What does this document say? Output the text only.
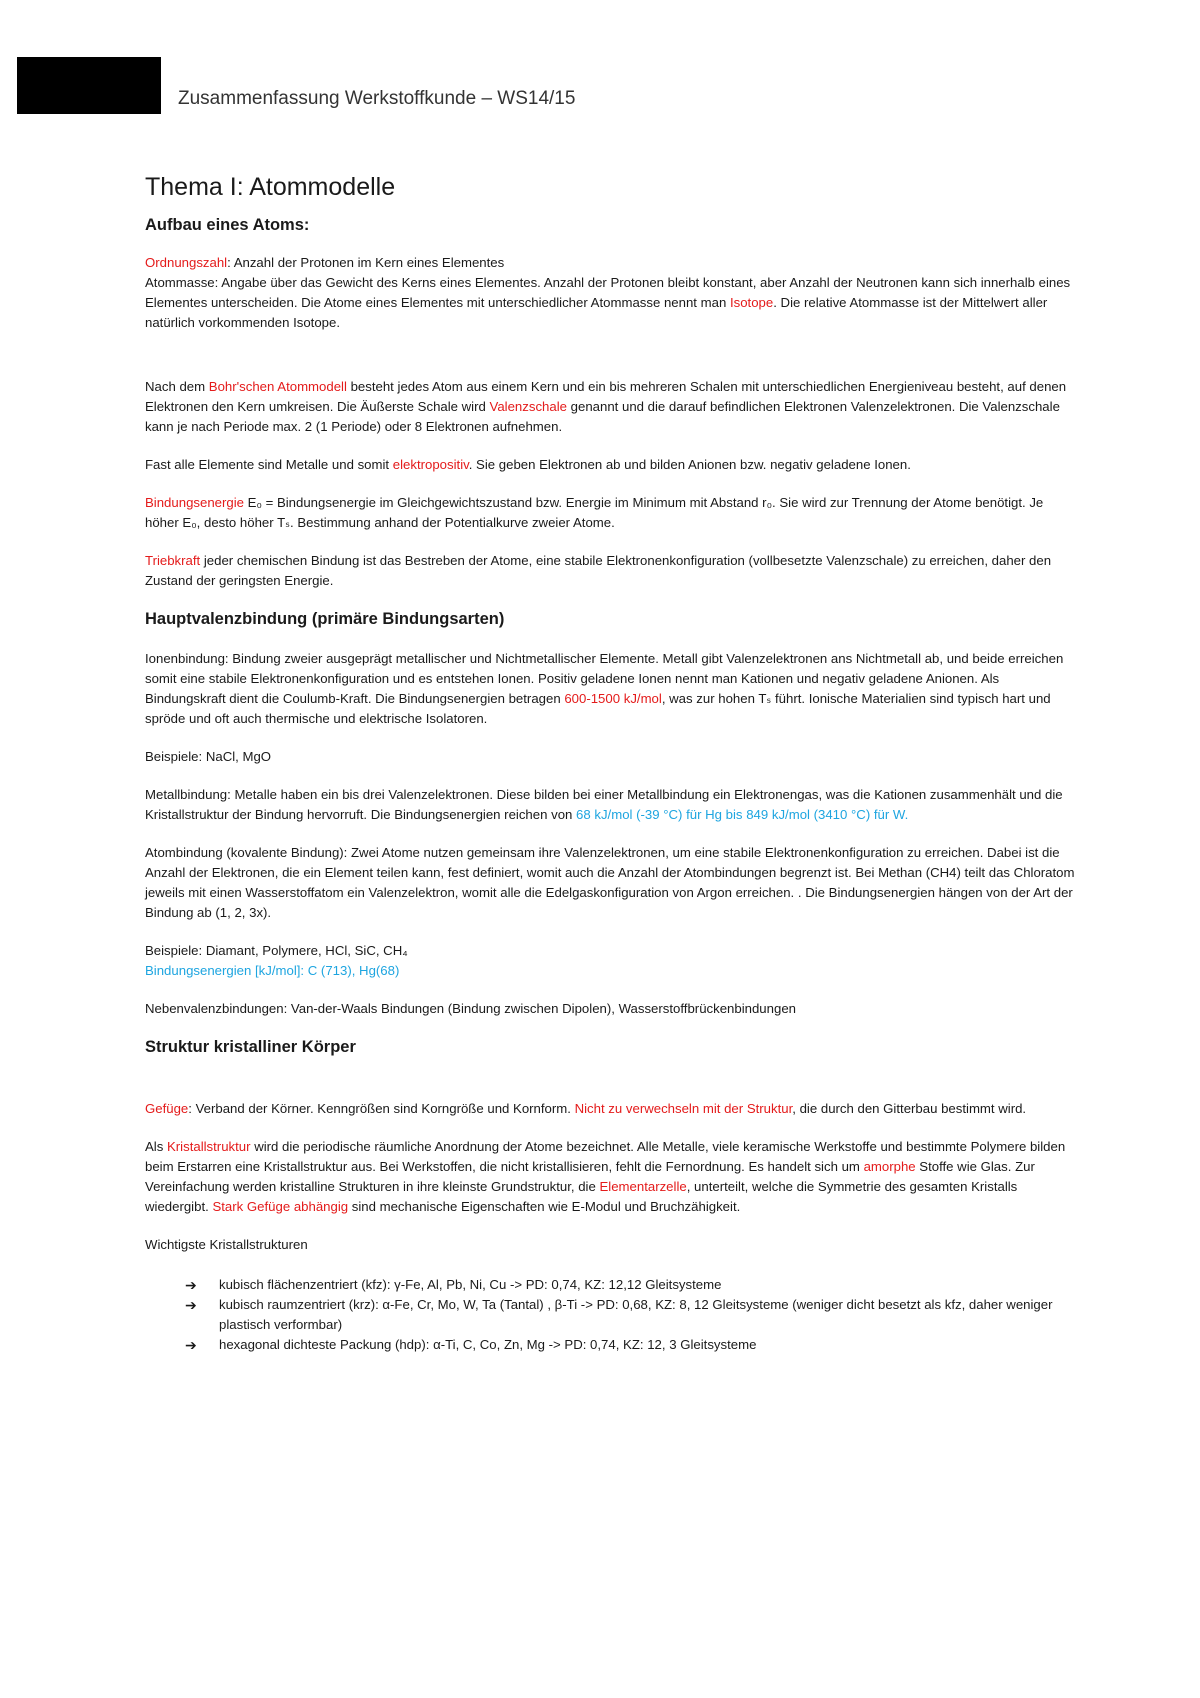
Zusammenfassung Werkstoffkunde – WS14/15
Thema I: Atommodelle
Aufbau eines Atoms:

Ordnungszahl: Anzahl der Protonen im Kern eines Elementes

Atommasse: Angabe über das Gewicht des Kerns eines Elementes. Anzahl der Protonen bleibt konstant, aber Anzahl der Neutronen kann sich innerhalb eines Elementes unterscheiden. Die Atome eines Elementes mit unterschiedlicher Atommasse nennt man Isotope. Die relative Atommasse ist der Mittelwert aller natürlich vorkommenden Isotope.

Nach dem Bohr'schen Atommodell besteht jedes Atom aus einem Kern und ein bis mehreren Schalen mit unterschiedlichen Energieniveau besteht, auf denen Elektronen den Kern umkreisen. Die Äußerste Schale wird Valenzschale genannt und die darauf befindlichen Elektronen Valenzelektronen. Die Valenzschale kann je nach Periode max. 2 (1 Periode) oder 8 Elektronen aufnehmen.

Fast alle Elemente sind Metalle und somit elektropositiv. Sie geben Elektronen ab und bilden Anionen bzw. negativ geladene Ionen.

Bindungsenergie E₀ = Bindungsenergie im Gleichgewichtszustand bzw. Energie im Minimum mit Abstand r₀. Sie wird zur Trennung der Atome benötigt. Je höher E₀, desto höher Tₛ. Bestimmung anhand der Potentialkurve zweier Atome.

Triebkraft jeder chemischen Bindung ist das Bestreben der Atome, eine stabile Elektronenkonfiguration (vollbesetzte Valenzschale) zu erreichen, daher den Zustand der geringsten Energie.

Hauptvalenzbindung (primäre Bindungsarten)

Ionenbindung: Bindung zweier ausgeprägt metallischer und Nichtmetallischer Elemente. Metall gibt Valenzelektronen ans Nichtmetall ab, und beide erreichen somit eine stabile Elektronenkonfiguration und es entstehen Ionen. Positiv geladene Ionen nennt man Kationen und negativ geladene Anionen. Als Bindungskraft dient die Coulumb-Kraft. Die Bindungsenergien betragen 600-1500 kJ/mol, was zur hohen Tₛ führt. Ionische Materialien sind typisch hart und spröde und oft auch thermische und elektrische Isolatoren.

Beispiele: NaCl, MgO

Metallbindung: Metalle haben ein bis drei Valenzelektronen. Diese bilden bei einer Metallbindung ein Elektronengas, was die Kationen zusammenhält und die Kristallstruktur der Bindung hervorruft. Die Bindungsenergien reichen von 68 kJ/mol (-39 °C) für Hg bis 849 kJ/mol (3410 °C) für W.

Atombindung (kovalente Bindung): Zwei Atome nutzen gemeinsam ihre Valenzelektronen, um eine stabile Elektronenkonfiguration zu erreichen. Dabei ist die Anzahl der Elektronen, die ein Element teilen kann, fest definiert, womit auch die Anzahl der Atombindungen begrenzt ist. Bei Methan (CH4) teilt das Chloratom jeweils mit einen Wasserstoffatom ein Valenzelektron, womit alle die Edelgaskonfiguration von Argon erreichen. . Die Bindungsenergien hängen von der Art der Bindung ab (1, 2, 3x).

Beispiele: Diamant, Polymere, HCl, SiC, CH₄

Bindungsenergien [kJ/mol]: C (713), Hg(68)

Nebenvalenzbindungen: Van-der-Waals Bindungen (Bindung zwischen Dipolen), Wasserstoffbrückenbindungen

Struktur kristalliner Körper

Gefüge: Verband der Körner. Kenngrößen sind Korngröße und Kornform. Nicht zu verwechseln mit der Struktur, die durch den Gitterbau bestimmt wird.

Als Kristallstruktur wird die periodische räumliche Anordnung der Atome bezeichnet. Alle Metalle, viele keramische Werkstoffe und bestimmte Polymere bilden beim Erstarren eine Kristallstruktur aus. Bei Werkstoffen, die nicht kristallisieren, fehlt die Fernordnung. Es handelt sich um amorphe Stoffe wie Glas. Zur Vereinfachung werden kristalline Strukturen in ihre kleinste Grundstruktur, die Elementarzelle, unterteilt, welche die Symmetrie des gesamten Kristalls wiedergibt. Stark Gefüge abhängig sind mechanische Eigenschaften wie E-Modul und Bruchzähigkeit.

Wichtigste Kristallstrukturen

➔ kubisch flächenzentriert (kfz): γ-Fe, Al, Pb, Ni, Cu -> PD: 0,74, KZ: 12,12 Gleitsysteme
➔ kubisch raumzentriert (krz): α-Fe, Cr, Mo, W, Ta (Tantal) , β-Ti -> PD: 0,68, KZ: 8, 12 Gleitsysteme (weniger dicht besetzt als kfz, daher weniger plastisch verformbar)
➔ hexagonal dichteste Packung (hdp): α-Ti, C, Co, Zn, Mg -> PD: 0,74, KZ: 12, 3 Gleitsysteme
